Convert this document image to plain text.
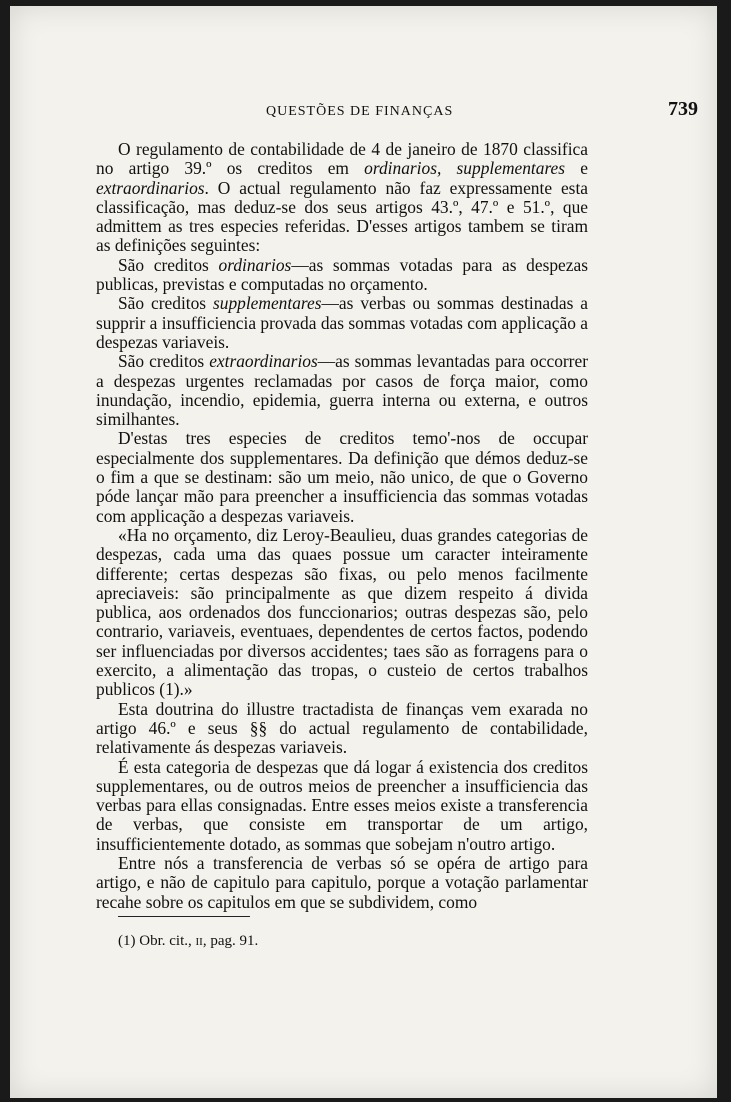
QUESTÕES DE FINANÇAS	739

O regulamento de contabilidade de 4 de janeiro de 1870 classifica no artigo 39.º os creditos em ordinarios, supplementares e extraordinarios. O actual regulamento não faz expressamente esta classificação, mas deduz-se dos seus artigos 43.º, 47.º e 51.º, que admittem as tres especies referidas. D'esses artigos tambem se tiram as definições seguintes:

São creditos ordinarios—as sommas votadas para as despezas publicas, previstas e computadas no orçamento.

São creditos supplementares—as verbas ou sommas destinadas a supprir a insufficiencia provada das sommas votadas com applicação a despezas variaveis.

São creditos extraordinarios—as sommas levantadas para occorrer a despezas urgentes reclamadas por casos de força maior, como inundação, incendio, epidemia, guerra interna ou externa, e outros similhantes.

D'estas tres especies de creditos temo'-nos de occupar especialmente dos supplementares. Da definição que démos deduz-se o fim a que se destinam: são um meio, não unico, de que o Governo póde lançar mão para preencher a insufficiencia das sommas votadas com applicação a despezas variaveis.

«Ha no orçamento, diz Leroy-Beaulieu, duas grandes categorias de despezas, cada uma das quaes possue um caracter inteiramente differente; certas despezas são fixas, ou pelo menos facilmente apreciaveis: são principalmente as que dizem respeito á divida publica, aos ordenados dos funccionarios; outras despezas são, pelo contrario, variaveis, eventuaes, dependentes de certos factos, podendo ser influenciadas por diversos accidentes; taes são as forragens para o exercito, a alimentação das tropas, o custeio de certos trabalhos publicos (1).»

Esta doutrina do illustre tractadista de finanças vem exarada no artigo 46.º e seus §§ do actual regulamento de contabilidade, relativamente ás despezas variaveis.

É esta categoria de despezas que dá logar á existencia dos creditos supplementares, ou de outros meios de preencher a insufficiencia das verbas para ellas consignadas. Entre esses meios existe a transferencia de verbas, que consiste em transportar de um artigo, insufficientemente dotado, as sommas que sobejam n'outro artigo.

Entre nós a transferencia de verbas só se opéra de artigo para artigo, e não de capitulo para capitulo, porque a votação parlamentar recahe sobre os capitulos em que se subdividem, como

(1) Obr. cit., ii, pag. 91.
